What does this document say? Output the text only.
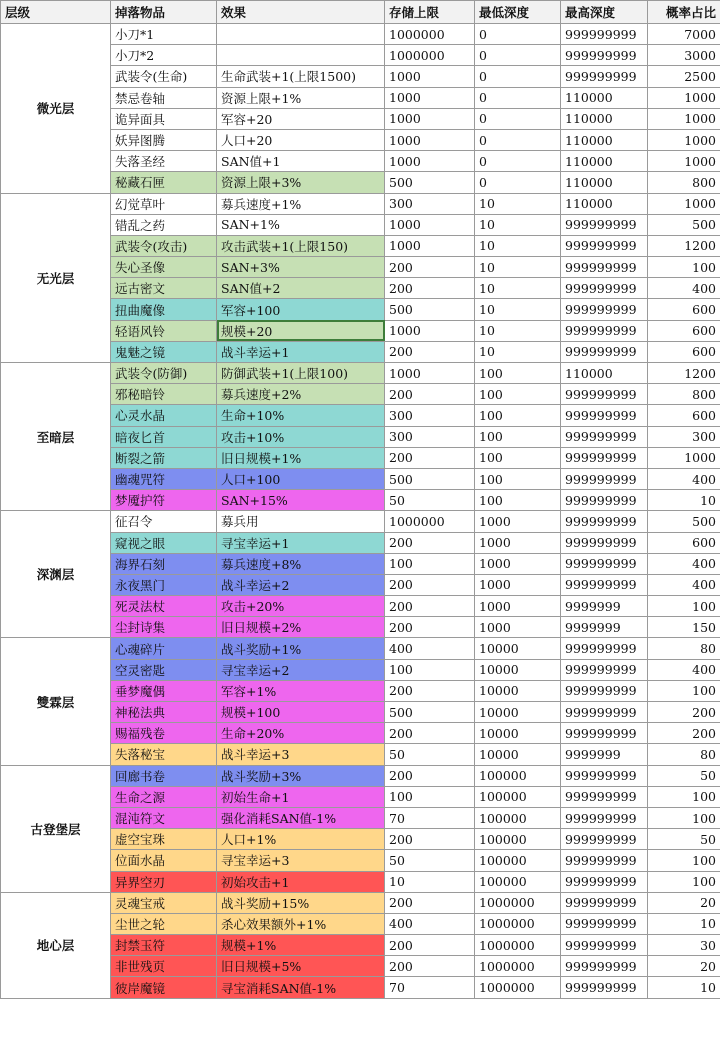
层级	掉落物品	效果	存储上限	最低深度	最高深度	概率占比
微光层	小刀*1		1000000	0	999999999	7000
	小刀*2		1000000	0	999999999	3000
	武装令(生命)	生命武装+1(上限1500)	1000	0	999999999	2500
	禁忌卷轴	资源上限+1%	1000	0	110000	1000
	诡异面具	军容+20	1000	0	110000	1000
	妖异图腾	人口+20	1000	0	110000	1000
	失落圣经	SAN值+1	1000	0	110000	1000
	秘藏石匣	资源上限+3%	500	0	110000	800
无光层	幻觉草叶	募兵速度+1%	300	10	110000	1000
	错乱之药	SAN+1%	1000	10	999999999	500
	武装令(攻击)	攻击武装+1(上限150)	1000	10	999999999	1200
	失心圣像	SAN+3%	200	10	999999999	100
	远古密文	SAN值+2	200	10	999999999	400
	扭曲魔像	军容+100	500	10	999999999	600
	轻语风铃	规模+20	1000	10	999999999	600
	鬼魅之镜	战斗幸运+1	200	10	999999999	600
至暗层	武装令(防御)	防御武装+1(上限100)	1000	100	110000	1200
	邪秘暗铃	募兵速度+2%	200	100	999999999	800
	心灵水晶	生命+10%	300	100	999999999	600
	暗夜匕首	攻击+10%	300	100	999999999	300
	断裂之箭	旧日规模+1%	200	100	999999999	1000
	幽魂咒符	人口+100	500	100	999999999	400
	梦魇护符	SAN+15%	50	100	999999999	10
深渊层	征召令	募兵用	1000000	1000	999999999	500
	窥视之眼	寻宝幸运+1	200	1000	999999999	600
	海界石刻	募兵速度+8%	100	1000	999999999	400
	永夜黑门	战斗幸运+2	200	1000	999999999	400
	死灵法杖	攻击+20%	200	1000	9999999	100
	尘封诗集	旧日规模+2%	200	1000	9999999	150
雙霖层	心魂碎片	战斗奖励+1%	400	10000	999999999	80
	空灵密匙	寻宝幸运+2	100	10000	999999999	400
	垂梦魔偶	军容+1%	200	10000	999999999	100
	神秘法典	规模+100	500	10000	999999999	200
	赐福残卷	生命+20%	200	10000	999999999	200
	失落秘宝	战斗幸运+3	50	10000	9999999	80
古登堡层	回廊书卷	战斗奖励+3%	200	100000	999999999	50
	生命之源	初始生命+1	100	100000	999999999	100
	混沌符文	强化消耗SAN值-1%	70	100000	999999999	100
	虚空宝珠	人口+1%	200	100000	999999999	50
	位面水晶	寻宝幸运+3	50	100000	999999999	100
	异界空刃	初始攻击+1	10	100000	999999999	100
地心层	灵魂宝戒	战斗奖励+15%	200	1000000	999999999	20
	尘世之轮	杀心效果额外+1%	400	1000000	999999999	10
	封禁玉符	规模+1%	200	1000000	999999999	30
	非世残页	旧日规模+5%	200	1000000	999999999	20
	彼岸魔镜	寻宝消耗SAN值-1%	70	1000000	999999999	10
